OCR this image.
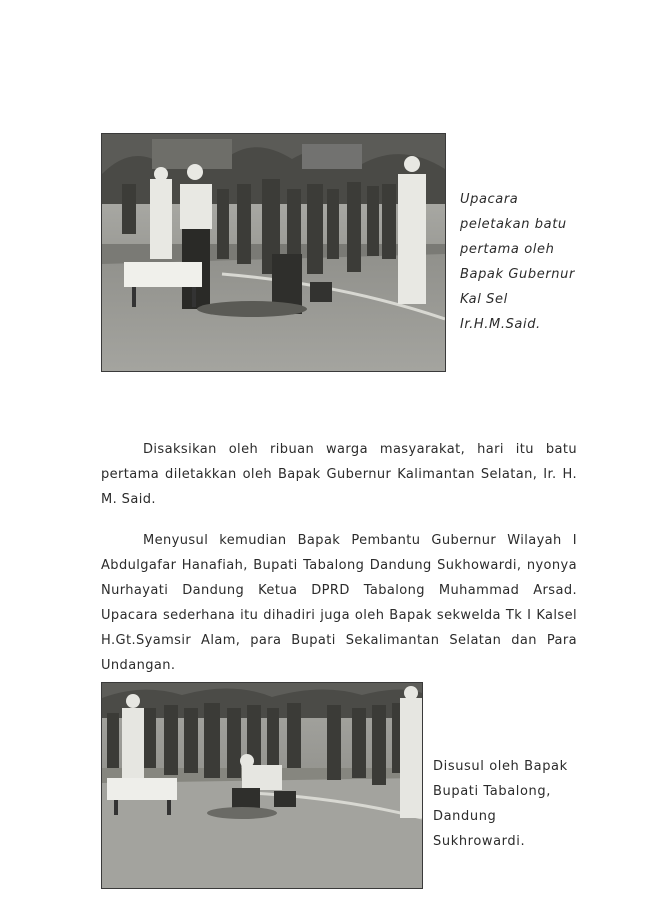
Upacara
peletakan batu
pertama oleh
Bapak Gubernur
Kal Sel
Ir.H.M.Said.
Disaksikan oleh ribuan warga masyarakat, hari itu batu
pertama diletakkan oleh Bapak Gubernur Kalimantan Selatan, Ir. H.
M. Said.
Menyusul kemudian Bapak Pembantu Gubernur Wilayah I
Abdulgafar Hanafiah, Bupati Tabalong Dandung Sukhowardi, nyonya
Nurhayati Dandung Ketua DPRD Tabalong Muhammad Arsad.
Upacara sederhana itu dihadiri juga oleh Bapak sekwelda Tk I Kalsel
H.Gt.Syamsir Alam, para Bupati Sekalimantan Selatan dan Para
Undangan.
Disusul oleh Bapak
Bupati Tabalong,
Dandung
Sukhrowardi.
